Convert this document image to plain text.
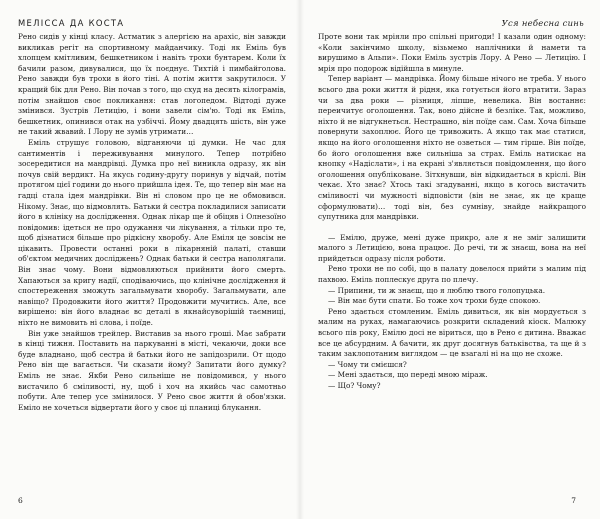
МЕЛІССА ДА КОСТА	Уся небесна синь

Рено сидів у кінці класу. Астматик з алергією на арахіс, він завжди викликав регіт на спортивному майданчику. Тоді як Еміль був хлопцем кмітливим, бешкетником і навіть трохи бунтарем. Коли їх бачили разом, дивувалися, що їх поєднує. Тихтій і пимбайголова. Рено завжди був трохи в його тіні. А потім життя закрутилося. У кращий бік для Рено. Він почав з того, що схуд на десять кілограмів, потім знайшов своє покликання: став логопедом. Відтоді дуже змінився. Зустрів Летицію, і вони завели сім'ю. Тоді як Еміль, бешкетник, опинився отак на узбіччі. Йому двадцять шість, він уже не такий жвавий. І Лору не зумів утримати…

Еміль струшує головою, відганяючи ці думки. Не час для сантиментів і переживування минулого. Тепер потрібно зосередитися на мандрівці. Думка про неї виникла одразу, як він почув свій вердикт. На якусь годину-другу поринув у відчай, потім протягом цієї години до нього прийшла ідея. Те, що тепер він має на гадці стала ідея мандрівки. Він ні словом про це не обмовився. Нікому. Знає, що відмовлять. Батьки й сестра покладилися записати його в клініку на дослідження. Однак лікар ще й обіцяв і Олнезоїно повідомив: ідеться не про одужання чи лікування, а тільки про те, щоб дізнатися більше про рідкісну хворобу. Але Еміля це зовсім не цікавить. Провести останні роки в лікарняній палаті, ставши об'єктом медичних досліджень? Однак батьки й сестра наполягали. Він знає чому. Вони відмовляються прийняти його смерть. Хапаються за кригу надії, сподіваючись, що клінічне дослідження й спостереження зможуть загальмувати хворобу. Загальмувати, але навіщо? Продовжити його життя? Продовжити мучитись. Але, все вирішено: він його владнає вс деталі в якнайсуворішій таємниці, ніхто не вимовить ні слова, і поїде.

Він уже знайшов трейлер. Виставив за нього гроші. Має забрати в кінці тижня. Поставить на паркуванні в місті, чекаючи, доки все буде владнано, щоб сестра й батьки його не запідозрили. От щодо Рено він ще вагається. Чи сказати йому? Запитати його думку? Еміль не знає. Якби Рено сильніше не повідомився, у нього вистачило б сміливості, ну, щоб і хоч на якийсь час самотньо побути. Але тепер усе змінилося. У Рено своє життя й обов'язки. Еміло не хочеться відвертати його у своє ці планиці блукання.

Проте вони так мріяли про спільні пригоди! І казали один одному: «Коли закінчимо школу, візьмемо наплічники й намети та вирушимо в Альпи». Поки Еміль зустрів Лору. А Рено — Летицію. І мрія про подорож відійшла в минуле.

Тепер варіант — мандрівка. Йому більше нічого не треба. У нього всього два роки життя й рідня, яка готується його втратити. Зараз чи за два роки — різниця, ліпше, невелика. Він востаннє: переичитує оголошення. Так, воно дійсне й безліке. Так, можливо, ніхто й не відгукнеться. Нестрашно, він поїде сам. Сам. Хоча більше повернути захоплює. Його це тривожить. А якщо так має статися, якщо на його оголошення ніхто не озветься — тим гірше. Він поїде, бо його оголошення вже сильніша за страх. Еміль натискає на кнопку «Надіслати», і на екрані з'являється повідомлення, що його оголошення опубліковане. Зітхнувши, він відкидається в кріслі. Він чекає. Хто знає? Хтось такі згадуванні, якщо в когось вистачить сміливості чи мужності відповісти (він не знає, як це краще сформулювати)… тоді він, без сумніву, знайде найкращого супутника для мандрівки.

— Емілю, друже, мені дуже прикро, але я не зміг залишити малого з Летицією, вона працює. До речі, ти ж знаєш, вона на неї прийдеться одразу після роботи.

Рено трохи не по собі, що в палату довелося прийти з малим під пахвою. Еміль поплескує друга по плечу.

— Припини, ти ж знаєш, що я люблю твого голопуцька.

— Він має бути спати. Бо тоже хоч трохи буде спокою.

Рено здається стомленим. Еміль дивиться, як він мордується з малим на руках, намагаючись розкрити складений кіоск. Малюку всього пів року, Емілю досі не віриться, що в Рено є дитина. Вважає все це абсурдним. А бачити, як друг досягнув батьківства, та ще й з таким заклопотаним виглядом — це взагалі ні на що не схоже.

— Чому ти смієшся?

— Мені здається, що переді мною міраж.

— Що? Чому?

6	7
